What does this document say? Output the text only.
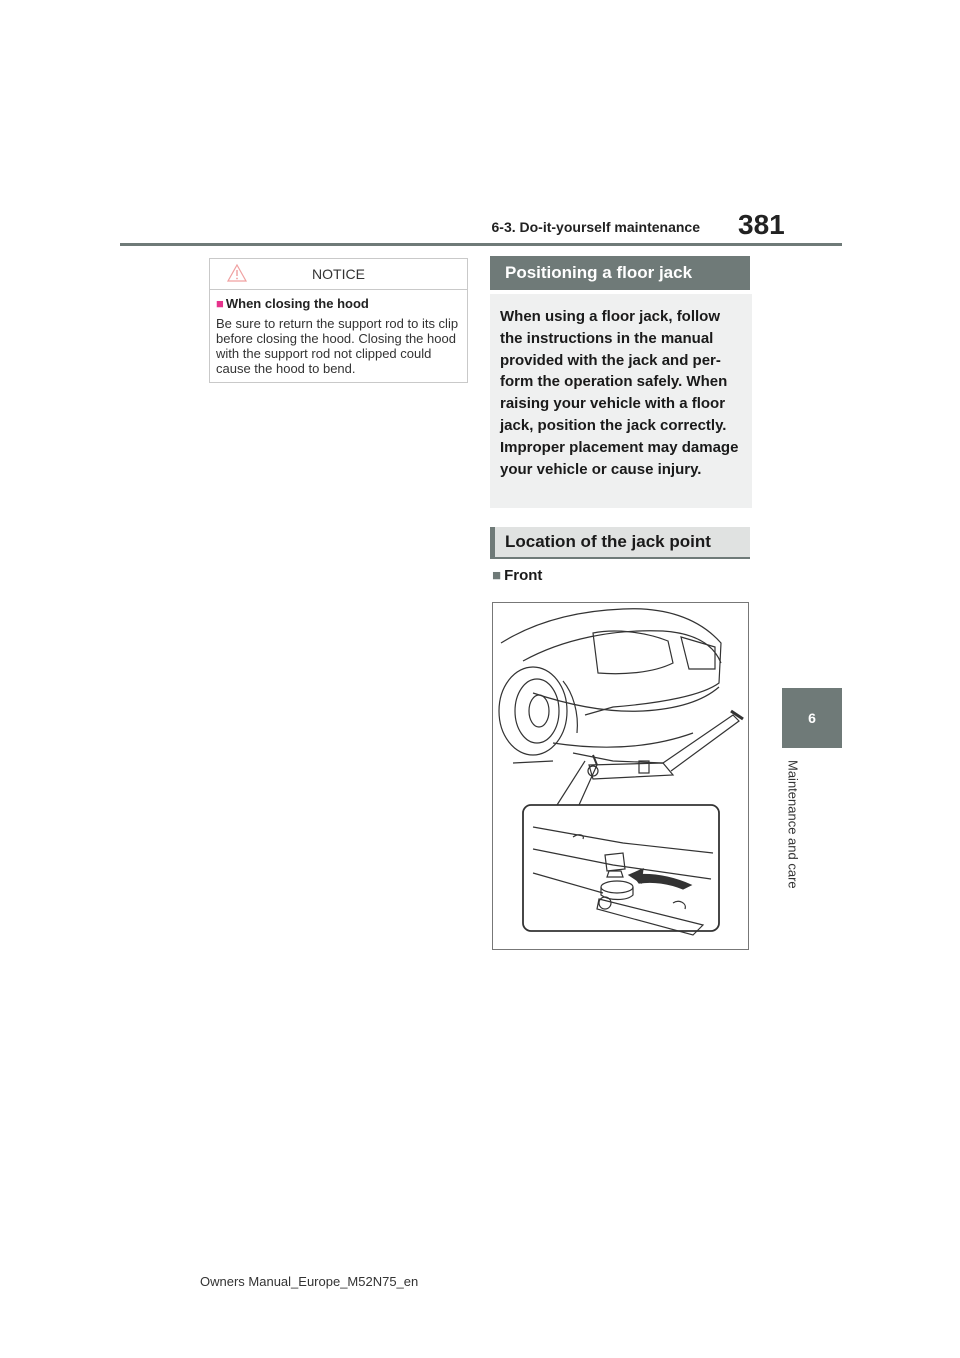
6-3. Do-it-yourself maintenance 381
6
Maintenance and care
NOTICE
■ When closing the hood
Be sure to return the support rod to its clip before closing the hood. Closing the hood with the support rod not clipped could cause the hood to bend.
Positioning a floor jack
When using a floor jack, follow the instructions in the manual provided with the jack and per-form the operation safely. When raising your vehicle with a floor jack, position the jack correctly. Improper placement may damage your vehicle or cause injury.
Location of the jack point
■ Front
Owners Manual_Europe_M52N75_en
